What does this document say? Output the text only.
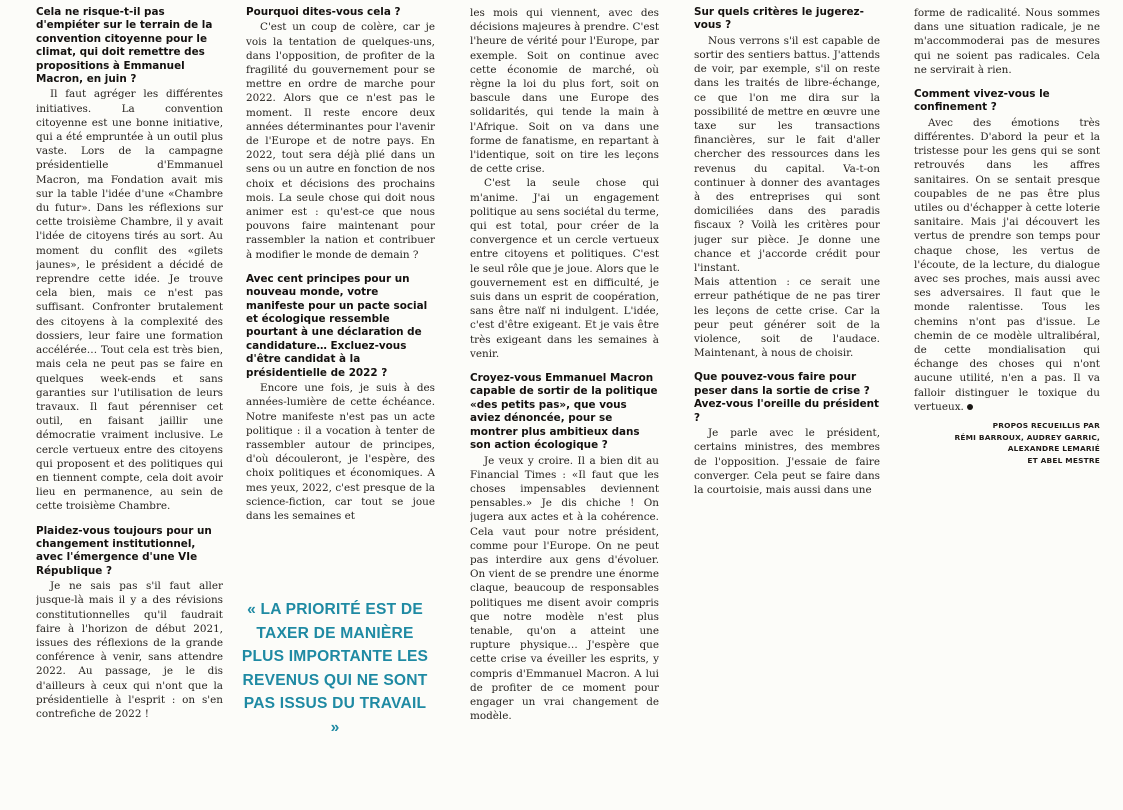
Cela ne risque-t-il pas d'empiéter sur le terrain de la convention citoyenne pour le climat, qui doit remettre des propositions à Emmanuel Macron, en juin ?

Il faut agréger les différentes initiatives. La convention citoyenne est une bonne initiative, qui a été empruntée à un outil plus vaste. Lors de la campagne présidentielle d'Emmanuel Macron, ma Fondation avait mis sur la table l'idée d'une «Chambre du futur». Dans les réflexions sur cette troisième Chambre, il y avait l'idée de citoyens tirés au sort. Au moment du conflit des «gilets jaunes», le président a décidé de reprendre cette idée. Je trouve cela bien, mais ce n'est pas suffisant. Confronter brutalement des citoyens à la complexité des dossiers, leur faire une formation accélérée… Tout cela est très bien, mais cela ne peut pas se faire en quelques week-ends et sans garanties sur l'utilisation de leurs travaux. Il faut pérenniser cet outil, en faisant jaillir une démocratie vraiment inclusive. Le cercle vertueux entre des citoyens qui proposent et des politiques qui en tiennent compte, cela doit avoir lieu en permanence, au sein de cette troisième Chambre.

Plaidez-vous toujours pour un changement institutionnel, avec l'émergence d'une VIe République ?

Je ne sais pas s'il faut aller jusque-là mais il y a des révisions constitutionnelles qu'il faudrait faire à l'horizon de début 2021, issues des réflexions de la grande conférence à venir, sans attendre 2022. Au passage, je le dis d'ailleurs à ceux qui n'ont que la présidentielle à l'esprit : on s'en contrefiche de 2022 !

Pourquoi dites-vous cela ?

C'est un coup de colère, car je vois la tentation de quelques-uns, dans l'opposition, de profiter de la fragilité du gouvernement pour se mettre en ordre de marche pour 2022. Alors que ce n'est pas le moment. Il reste encore deux années déterminantes pour l'avenir de l'Europe et de notre pays. En 2022, tout sera déjà plié dans un sens ou un autre en fonction de nos choix et décisions des prochains mois. La seule chose qui doit nous animer est : qu'est-ce que nous pouvons faire maintenant pour rassembler la nation et contribuer à modifier le monde de demain ?

Avec cent principes pour un nouveau monde, votre manifeste pour un pacte social et écologique ressemble pourtant à une déclaration de candidature… Excluez-vous d'être candidat à la présidentielle de 2022 ?

Encore une fois, je suis à des années-lumière de cette échéance. Notre manifeste n'est pas un acte politique : il a vocation à tenter de rassembler autour de principes, d'où découleront, je l'espère, des choix politiques et économiques. A mes yeux, 2022, c'est presque de la science-fiction, car tout se joue dans les semaines et

« LA PRIORITÉ EST DE TAXER DE MANIÈRE PLUS IMPORTANTE LES REVENUS QUI NE SONT PAS ISSUS DU TRAVAIL »

les mois qui viennent, avec des décisions majeures à prendre. C'est l'heure de vérité pour l'Europe, par exemple. Soit on continue avec cette économie de marché, où règne la loi du plus fort, soit on bascule dans une Europe des solidarités, qui tende la main à l'Afrique. Soit on va dans une forme de fanatisme, en repartant à l'identique, soit on tire les leçons de cette crise.

C'est la seule chose qui m'anime. J'ai un engagement politique au sens sociétal du terme, qui est total, pour créer de la convergence et un cercle vertueux entre citoyens et politiques. C'est le seul rôle que je joue. Alors que le gouvernement est en difficulté, je suis dans un esprit de coopération, sans être naïf ni indulgent. L'idée, c'est d'être exigeant. Et je vais être très exigeant dans les semaines à venir.

Croyez-vous Emmanuel Macron capable de sortir de la politique «des petits pas», que vous aviez dénoncée, pour se montrer plus ambitieux dans son action écologique ?

Je veux y croire. Il a bien dit au Financial Times : «Il faut que les choses impensables deviennent pensables.» Je dis chiche ! On jugera aux actes et à la cohérence. Cela vaut pour notre président, comme pour l'Europe. On ne peut pas interdire aux gens d'évoluer. On vient de se prendre une énorme claque, beaucoup de responsables politiques me disent avoir compris que notre modèle n'est plus tenable, qu'on a atteint une rupture physique… J'espère que cette crise va éveiller les esprits, y compris d'Emmanuel Macron. A lui de profiter de ce moment pour engager un vrai changement de modèle.

Sur quels critères le jugerez-vous ?

Nous verrons s'il est capable de sortir des sentiers battus. J'attends de voir, par exemple, s'il on reste dans les traités de libre-échange, ce que l'on me dira sur la possibilité de mettre en œuvre une taxe sur les transactions financières, sur le fait d'aller chercher des ressources dans les revenus du capital. Va-t-on continuer à donner des avantages à des entreprises qui sont domiciliées dans des paradis fiscaux ? Voilà les critères pour juger sur pièce. Je donne une chance et j'accorde crédit pour l'instant.

Mais attention : ce serait une erreur pathétique de ne pas tirer les leçons de cette crise. Car la peur peut générer soit de la violence, soit de l'audace. Maintenant, à nous de choisir.

Que pouvez-vous faire pour peser dans la sortie de crise ? Avez-vous l'oreille du président ?

Je parle avec le président, certains ministres, des membres de l'opposition. J'essaie de faire converger. Cela peut se faire dans la courtoisie, mais aussi dans une

forme de radicalité. Nous sommes dans une situation radicale, je ne m'accommoderai pas de mesures qui ne soient pas radicales. Cela ne servirait à rien.

Comment vivez-vous le confinement ?

Avec des émotions très différentes. D'abord la peur et la tristesse pour les gens qui se sont retrouvés dans les affres sanitaires. On se sentait presque coupables de ne pas être plus utiles ou d'échapper à cette loterie sanitaire. Mais j'ai découvert les vertus de prendre son temps pour chaque chose, les vertus de l'écoute, de la lecture, du dialogue avec ses proches, mais aussi avec ses adversaires. Il faut que le monde ralentisse. Tous les chemins n'ont pas d'issue. Le chemin de ce modèle ultralibéral, de cette mondialisation qui échange des choses qui n'ont aucune utilité, n'en a pas. Il va falloir distinguer le toxique du vertueux.

PROPOS RECUEILLIS PAR
RÉMI BARROUX, AUDREY GARRIC,
ALEXANDRE LEMARIÉ
ET ABEL MESTRE
